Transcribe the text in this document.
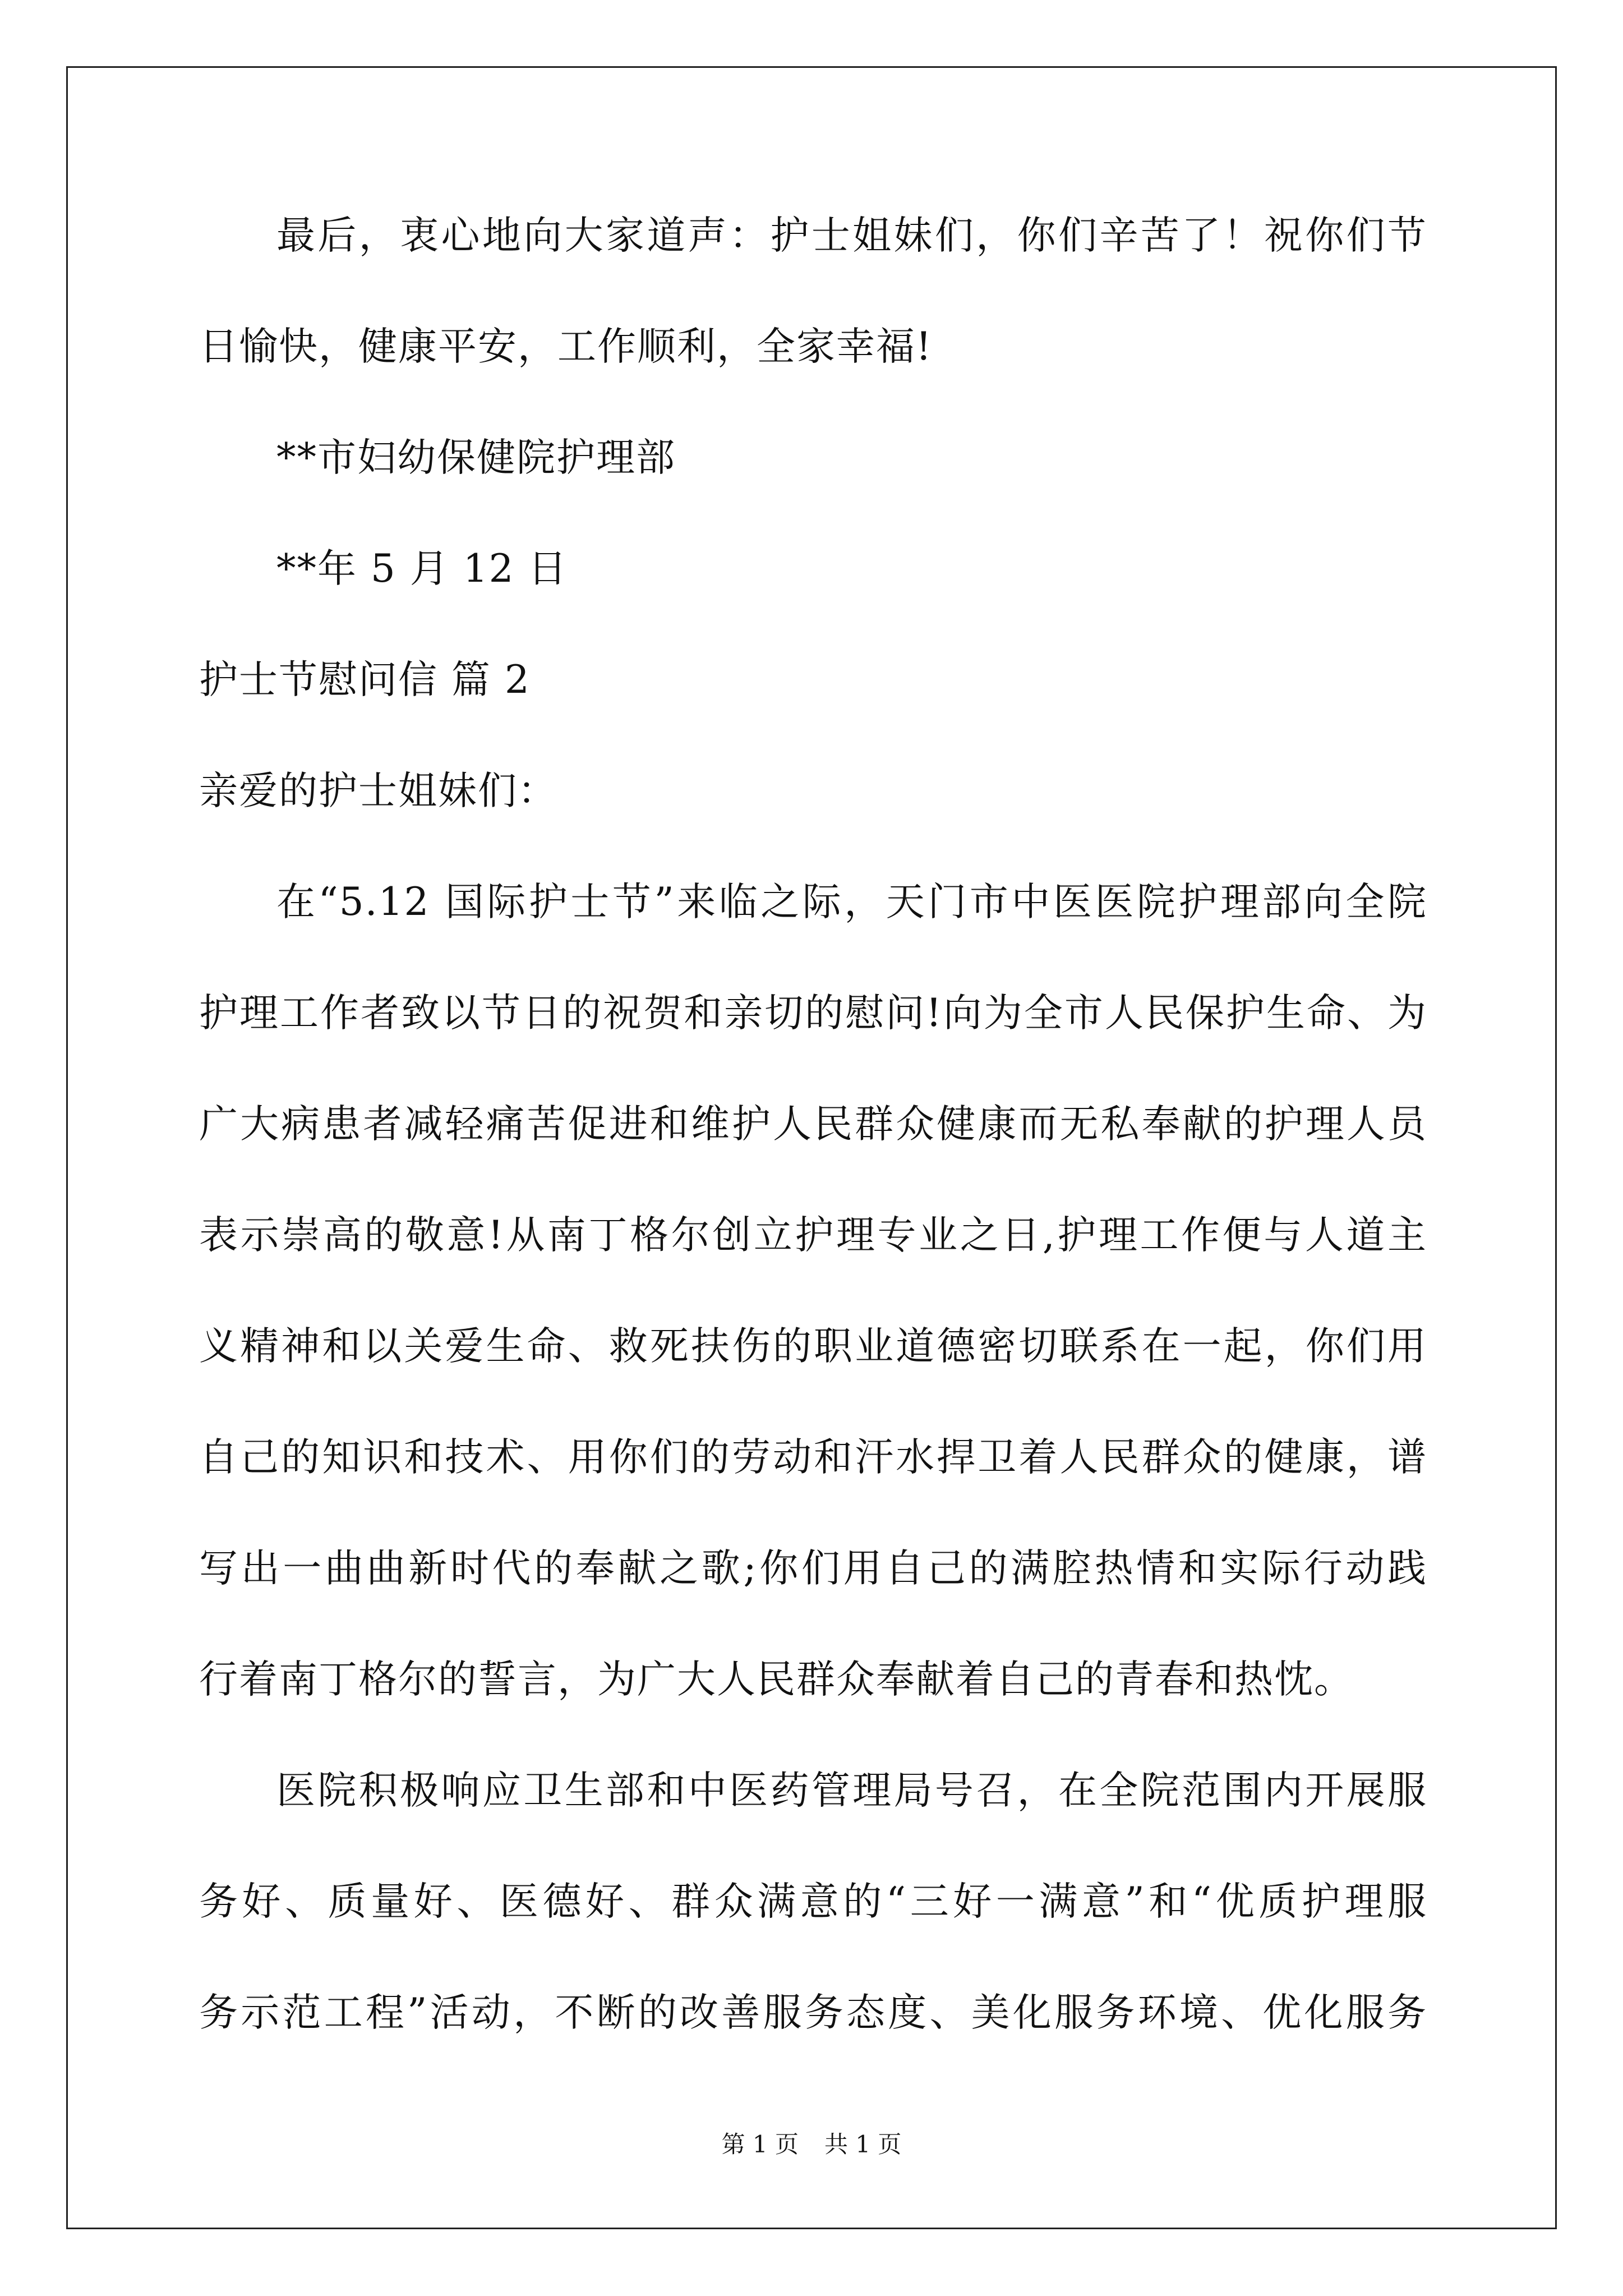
最后，衷心地向大家道声：护士姐妹们，你们辛苦了！祝你们节
日愉快，健康平安，工作顺利，全家幸福!
**市妇幼保健院护理部
**年 5 月 12 日
护士节慰问信 篇 2
亲爱的护士姐妹们：
在“5.12 国际护士节”来临之际，天门市中医医院护理部向全院
护理工作者致以节日的祝贺和亲切的慰问!向为全市人民保护生命、为
广大病患者减轻痛苦促进和维护人民群众健康而无私奉献的护理人员
表示崇高的敬意!从南丁格尔创立护理专业之日,护理工作便与人道主
义精神和以关爱生命、救死扶伤的职业道德密切联系在一起，你们用
自己的知识和技术、用你们的劳动和汗水捍卫着人民群众的健康，谱
写出一曲曲新时代的奉献之歌;你们用自己的满腔热情和实际行动践
行着南丁格尔的誓言，为广大人民群众奉献着自己的青春和热忱。
医院积极响应卫生部和中医药管理局号召，在全院范围内开展服
务好、质量好、医德好、群众满意的“三好一满意”和“优质护理服
务示范工程”活动，不断的改善服务态度、美化服务环境、优化服务
第 1 页 共 1 页
